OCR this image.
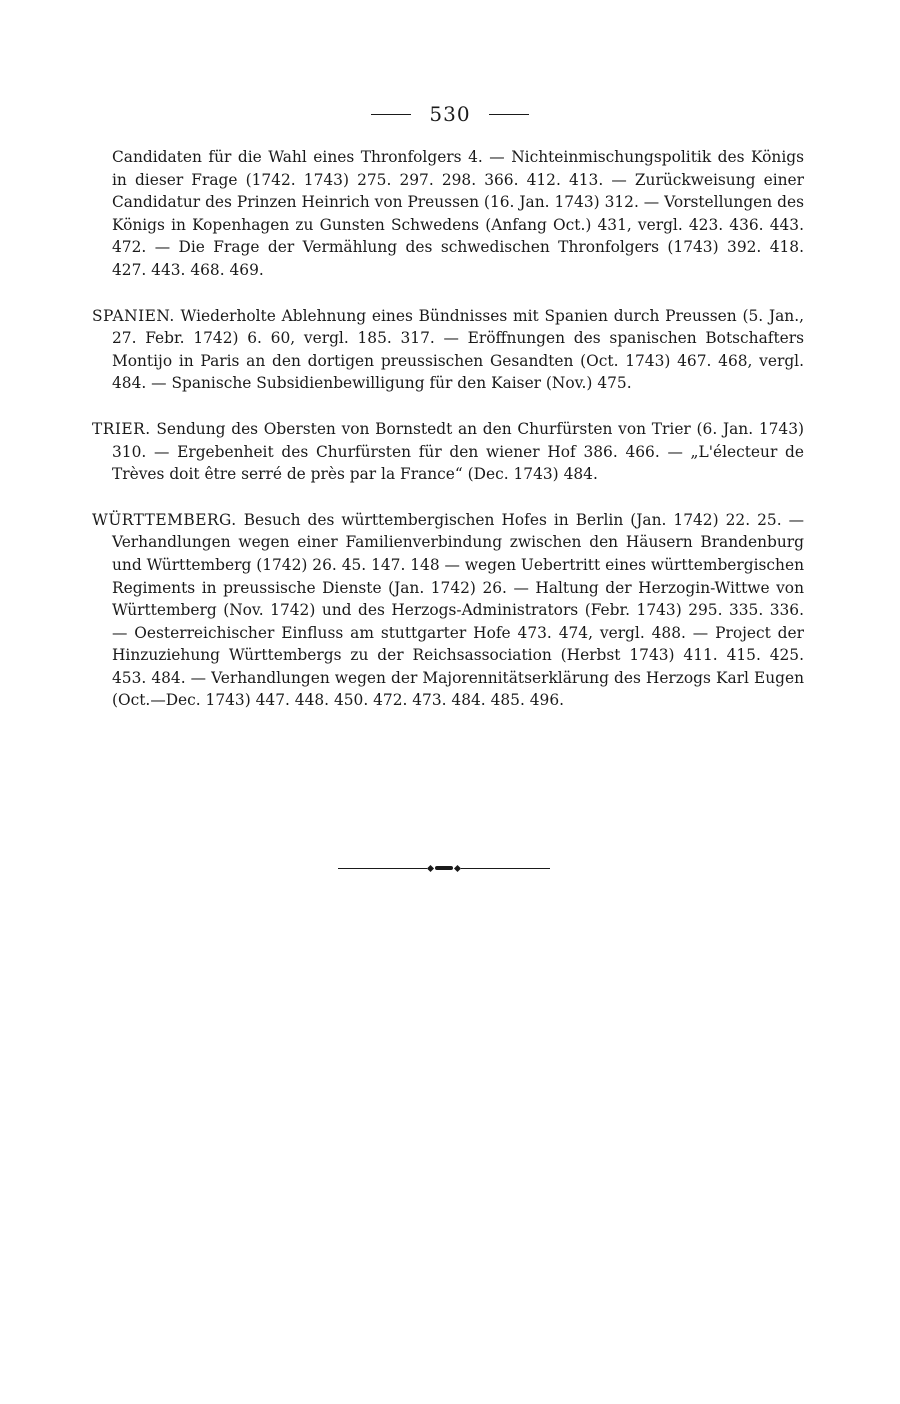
530

Candidaten für die Wahl eines Thronfolgers 4. — Nichteinmischungspolitik des Königs in dieser Frage (1742. 1743) 275. 297. 298. 366. 412. 413. — Zurückweisung einer Candidatur des Prinzen Heinrich von Preussen (16. Jan. 1743) 312. — Vorstellungen des Königs in Kopenhagen zu Gunsten Schwedens (Anfang Oct.) 431, vergl. 423. 436. 443. 472. — Die Frage der Vermählung des schwedischen Thronfolgers (1743) 392. 418. 427. 443. 468. 469.

SPANIEN. Wiederholte Ablehnung eines Bündnisses mit Spanien durch Preussen (5. Jan., 27. Febr. 1742) 6. 60, vergl. 185. 317. — Eröffnungen des spanischen Botschafters Montijo in Paris an den dortigen preussischen Gesandten (Oct. 1743) 467. 468, vergl. 484. — Spanische Subsidienbewilligung für den Kaiser (Nov.) 475.

TRIER. Sendung des Obersten von Bornstedt an den Churfürsten von Trier (6. Jan. 1743) 310. — Ergebenheit des Churfürsten für den wiener Hof 386. 466. — „L'électeur de Trèves doit être serré de près par la France“ (Dec. 1743) 484.

WÜRTTEMBERG. Besuch des württembergischen Hofes in Berlin (Jan. 1742) 22. 25. — Verhandlungen wegen einer Familienverbindung zwischen den Häusern Brandenburg und Württemberg (1742) 26. 45. 147. 148 — wegen Uebertritt eines württembergischen Regiments in preussische Dienste (Jan. 1742) 26. — Haltung der Herzogin-Wittwe von Württemberg (Nov. 1742) und des Herzogs-Administrators (Febr. 1743) 295. 335. 336. — Oesterreichischer Einfluss am stuttgarter Hofe 473. 474, vergl. 488. — Project der Hinzuziehung Württembergs zu der Reichsassociation (Herbst 1743) 411. 415. 425. 453. 484. — Verhandlungen wegen der Majorennitätserklärung des Herzogs Karl Eugen (Oct.—Dec. 1743) 447. 448. 450. 472. 473. 484. 485. 496.
